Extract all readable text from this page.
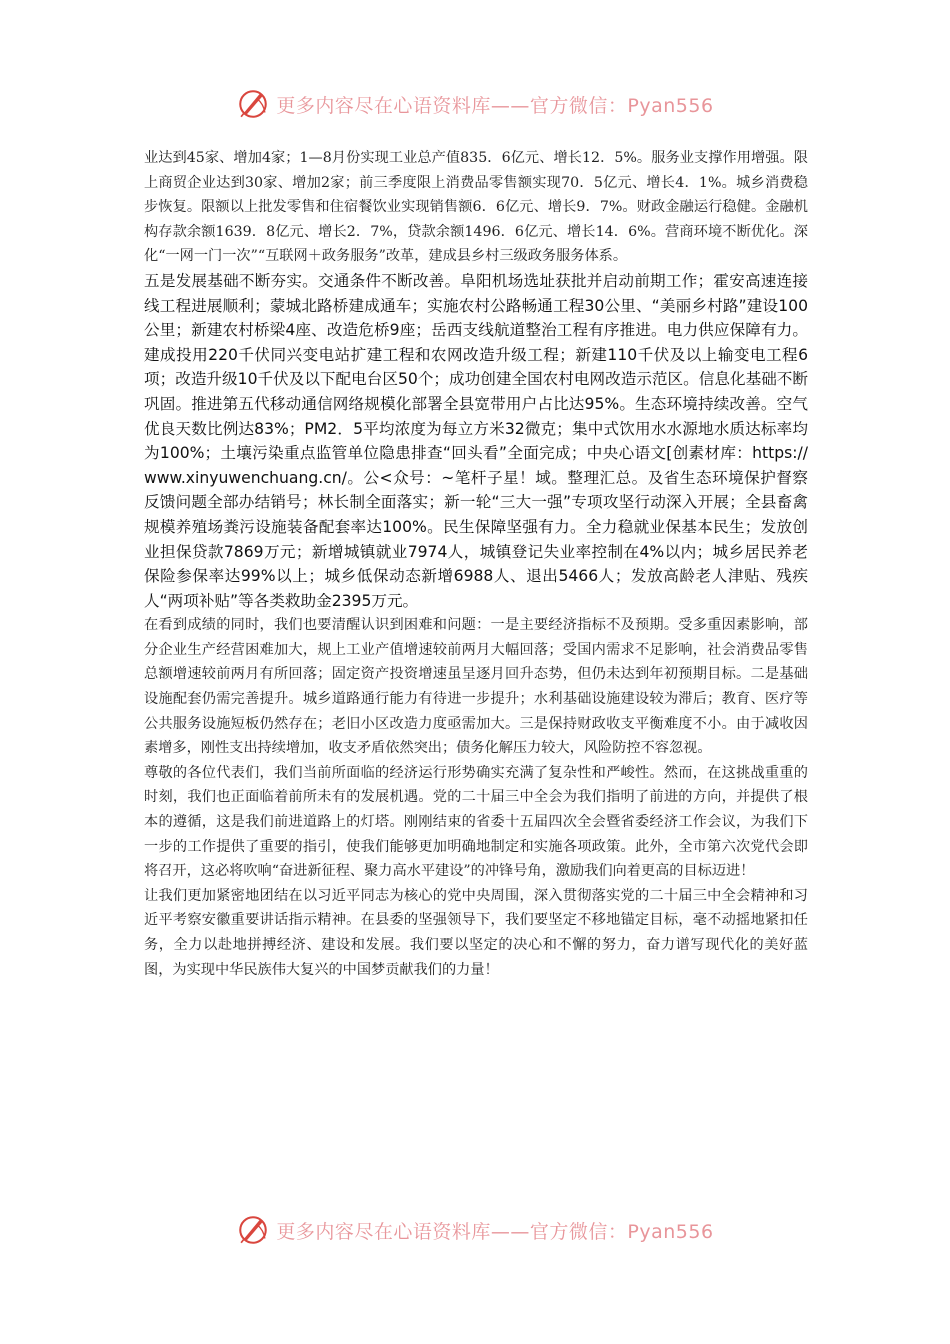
更多内容尽在心语资料库——官方微信：Pyan556

业达到45家、增加4家；1—8月份实现工业总产值835．6亿元、增长12．5%。服务业支撑作用增强。限上商贸企业达到30家、增加2家；前三季度限上消费品零售额实现70．5亿元、增长4．1%。城乡消费稳步恢复。限额以上批发零售和住宿餐饮业实现销售额6．6亿元、增长9．7%。财政金融运行稳健。金融机构存款余额1639．8亿元、增长2．7%，贷款余额1496．6亿元、增长14．6%。营商环境不断优化。深化“一网一门一次”“互联网＋政务服务”改革，建成县乡村三级政务服务体系。

五是发展基础不断夯实。交通条件不断改善。阜阳机场选址获批并启动前期工作；霍安高速连接线工程进展顺利；蒙城北路桥建成通车；实施农村公路畅通工程30公里、“美丽乡村路”建设100公里；新建农村桥梁4座、改造危桥9座；岳西支线航道整治工程有序推进。电力供应保障有力。建成投用220千伏同兴变电站扩建工程和农网改造升级工程；新建110千伏及以上输变电工程6项；改造升级10千伏及以下配电台区50个；成功创建全国农村电网改造示范区。信息化基础不断巩固。推进第五代移动通信网络规模化部署全县宽带用户占比达95%。生态环境持续改善。空气优良天数比例达83%；PM2．5平均浓度为每立方米32微克；集中式饮用水水源地水质达标率均为100%；土壤污染重点监管单位隐患排查“回头看”全面完成；中央心语文[创素材库：https://www.xinyuwenchuang.cn/。公<众号：~笔杆子星！域。整理汇总。及省生态环境保护督察反馈问题全部办结销号；林长制全面落实；新一轮“三大一强”专项攻坚行动深入开展；全县畜禽规模养殖场粪污设施装备配套率达100%。民生保障坚强有力。全力稳就业保基本民生；发放创业担保贷款7869万元；新增城镇就业7974人，城镇登记失业率控制在4%以内；城乡居民养老保险参保率达99%以上；城乡低保动态新增6988人、退出5466人；发放高龄老人津贴、残疾人“两项补贴”等各类救助金2395万元。

在看到成绩的同时，我们也要清醒认识到困难和问题：一是主要经济指标不及预期。受多重因素影响，部分企业生产经营困难加大，规上工业产值增速较前两月大幅回落；受国内需求不足影响，社会消费品零售总额增速较前两月有所回落；固定资产投资增速虽呈逐月回升态势，但仍未达到年初预期目标。二是基础设施配套仍需完善提升。城乡道路通行能力有待进一步提升；水利基础设施建设较为滞后；教育、医疗等公共服务设施短板仍然存在；老旧小区改造力度亟需加大。三是保持财政收支平衡难度不小。由于减收因素增多，刚性支出持续增加，收支矛盾依然突出；债务化解压力较大，风险防控不容忽视。

尊敬的各位代表们，我们当前所面临的经济运行形势确实充满了复杂性和严峻性。然而，在这挑战重重的时刻，我们也正面临着前所未有的发展机遇。党的二十届三中全会为我们指明了前进的方向，并提供了根本的遵循，这是我们前进道路上的灯塔。刚刚结束的省委十五届四次全会暨省委经济工作会议，为我们下一步的工作提供了重要的指引，使我们能够更加明确地制定和实施各项政策。此外，全市第六次党代会即将召开，这必将吹响“奋进新征程、聚力高水平建设”的冲锋号角，激励我们向着更高的目标迈进！

让我们更加紧密地团结在以习近平同志为核心的党中央周围，深入贯彻落实党的二十届三中全会精神和习近平考察安徽重要讲话指示精神。在县委的坚强领导下，我们要坚定不移地锚定目标，毫不动摇地紧扣任务，全力以赴地拼搏经济、建设和发展。我们要以坚定的决心和不懈的努力，奋力谱写现代化的美好蓝图，为实现中华民族伟大复兴的中国梦贡献我们的力量！

更多内容尽在心语资料库——官方微信：Pyan556
